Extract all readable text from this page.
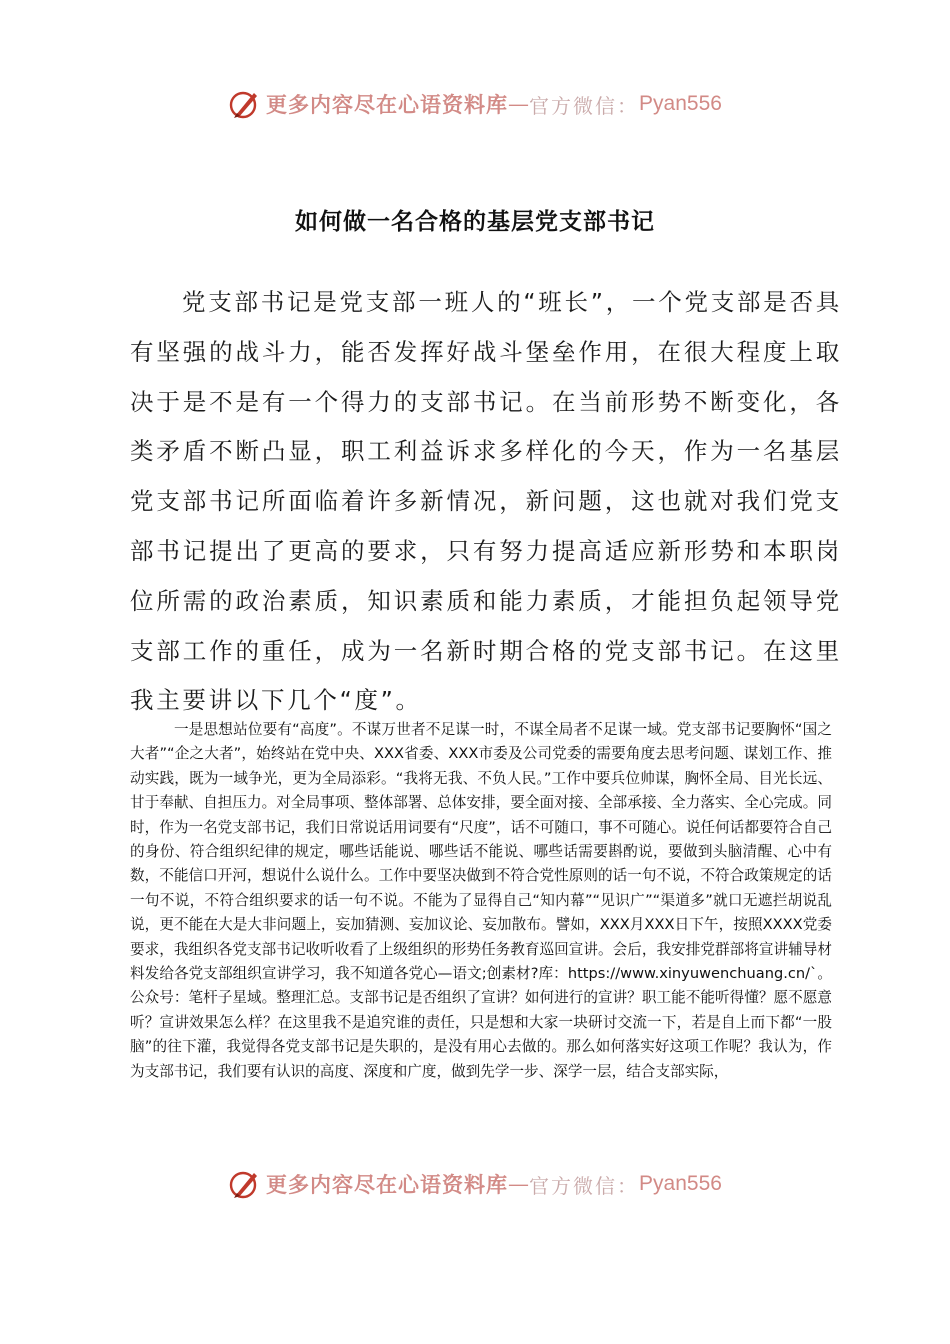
更多内容尽在心语资料库 — 官方微信： Pyan556
如何做一名合格的基层党支部书记

党支部书记是党支部一班人的“班长”，一个党支部是否具有坚强的战斗力，能否发挥好战斗堡垒作用，在很大程度上取决于是不是有一个得力的支部书记。在当前形势不断变化，各类矛盾不断凸显，职工利益诉求多样化的今天，作为一名基层党支部书记所面临着许多新情况，新问题，这也就对我们党支部书记提出了更高的要求，只有努力提高适应新形势和本职岗位所需的政治素质，知识素质和能力素质，才能担负起领导党支部工作的重任，成为一名新时期合格的党支部书记。在这里我主要讲以下几个“度”。

一是思想站位要有“高度”。不谋万世者不足谋一时，不谋全局者不足谋一域。党支部书记要胸怀“国之大者”“企之大者”，始终站在党中央、XXX省委、XXX市委及公司党委的需要角度去思考问题、谋划工作、推动实践，既为一域争光，更为全局添彩。“我将无我、不负人民。”工作中要兵位帅谋，胸怀全局、目光长远、甘于奉献、自担压力。对全局事项、整体部署、总体安排，要全面对接、全部承接、全力落实、全心完成。同时，作为一名党支部书记，我们日常说话用词要有“尺度”，话不可随口，事不可随心。说任何话都要符合自己的身份、符合组织纪律的规定，哪些话能说、哪些话不能说、哪些话需要斟酌说，要做到头脑清醒、心中有数，不能信口开河，想说什么说什么。工作中要坚决做到不符合党性原则的话一句不说，不符合政策规定的话一句不说，不符合组织要求的话一句不说。不能为了显得自己“知内幕”“见识广”“渠道多”就口无遮拦胡说乱说，更不能在大是大非问题上，妄加猜测、妄加议论、妄加散布。譬如，XXX月XXX日下午，按照XXXX党委要求，我组织各党支部书记收听收看了上级组织的形势任务教育巡回宣讲。会后，我安排党群部将宣讲辅导材料发给各党支部组织宣讲学习，我不知道各党心—语文;创素材?库：https://www.xinyuwenchuang.cn/`。公众号：笔杆子星域。整理汇总。支部书记是否组织了宣讲？如何进行的宣讲？职工能不能听得懂？愿不愿意听？宣讲效果怎么样？在这里我不是追究谁的责任，只是想和大家一块研讨交流一下，若是自上而下都“一股脑”的往下灌，我觉得各党支部书记是失职的，是没有用心去做的。那么如何落实好这项工作呢？我认为，作为支部书记，我们要有认识的高度、深度和广度，做到先学一步、深学一层，结合支部实际，

更多内容尽在心语资料库 — 官方微信： Pyan556
